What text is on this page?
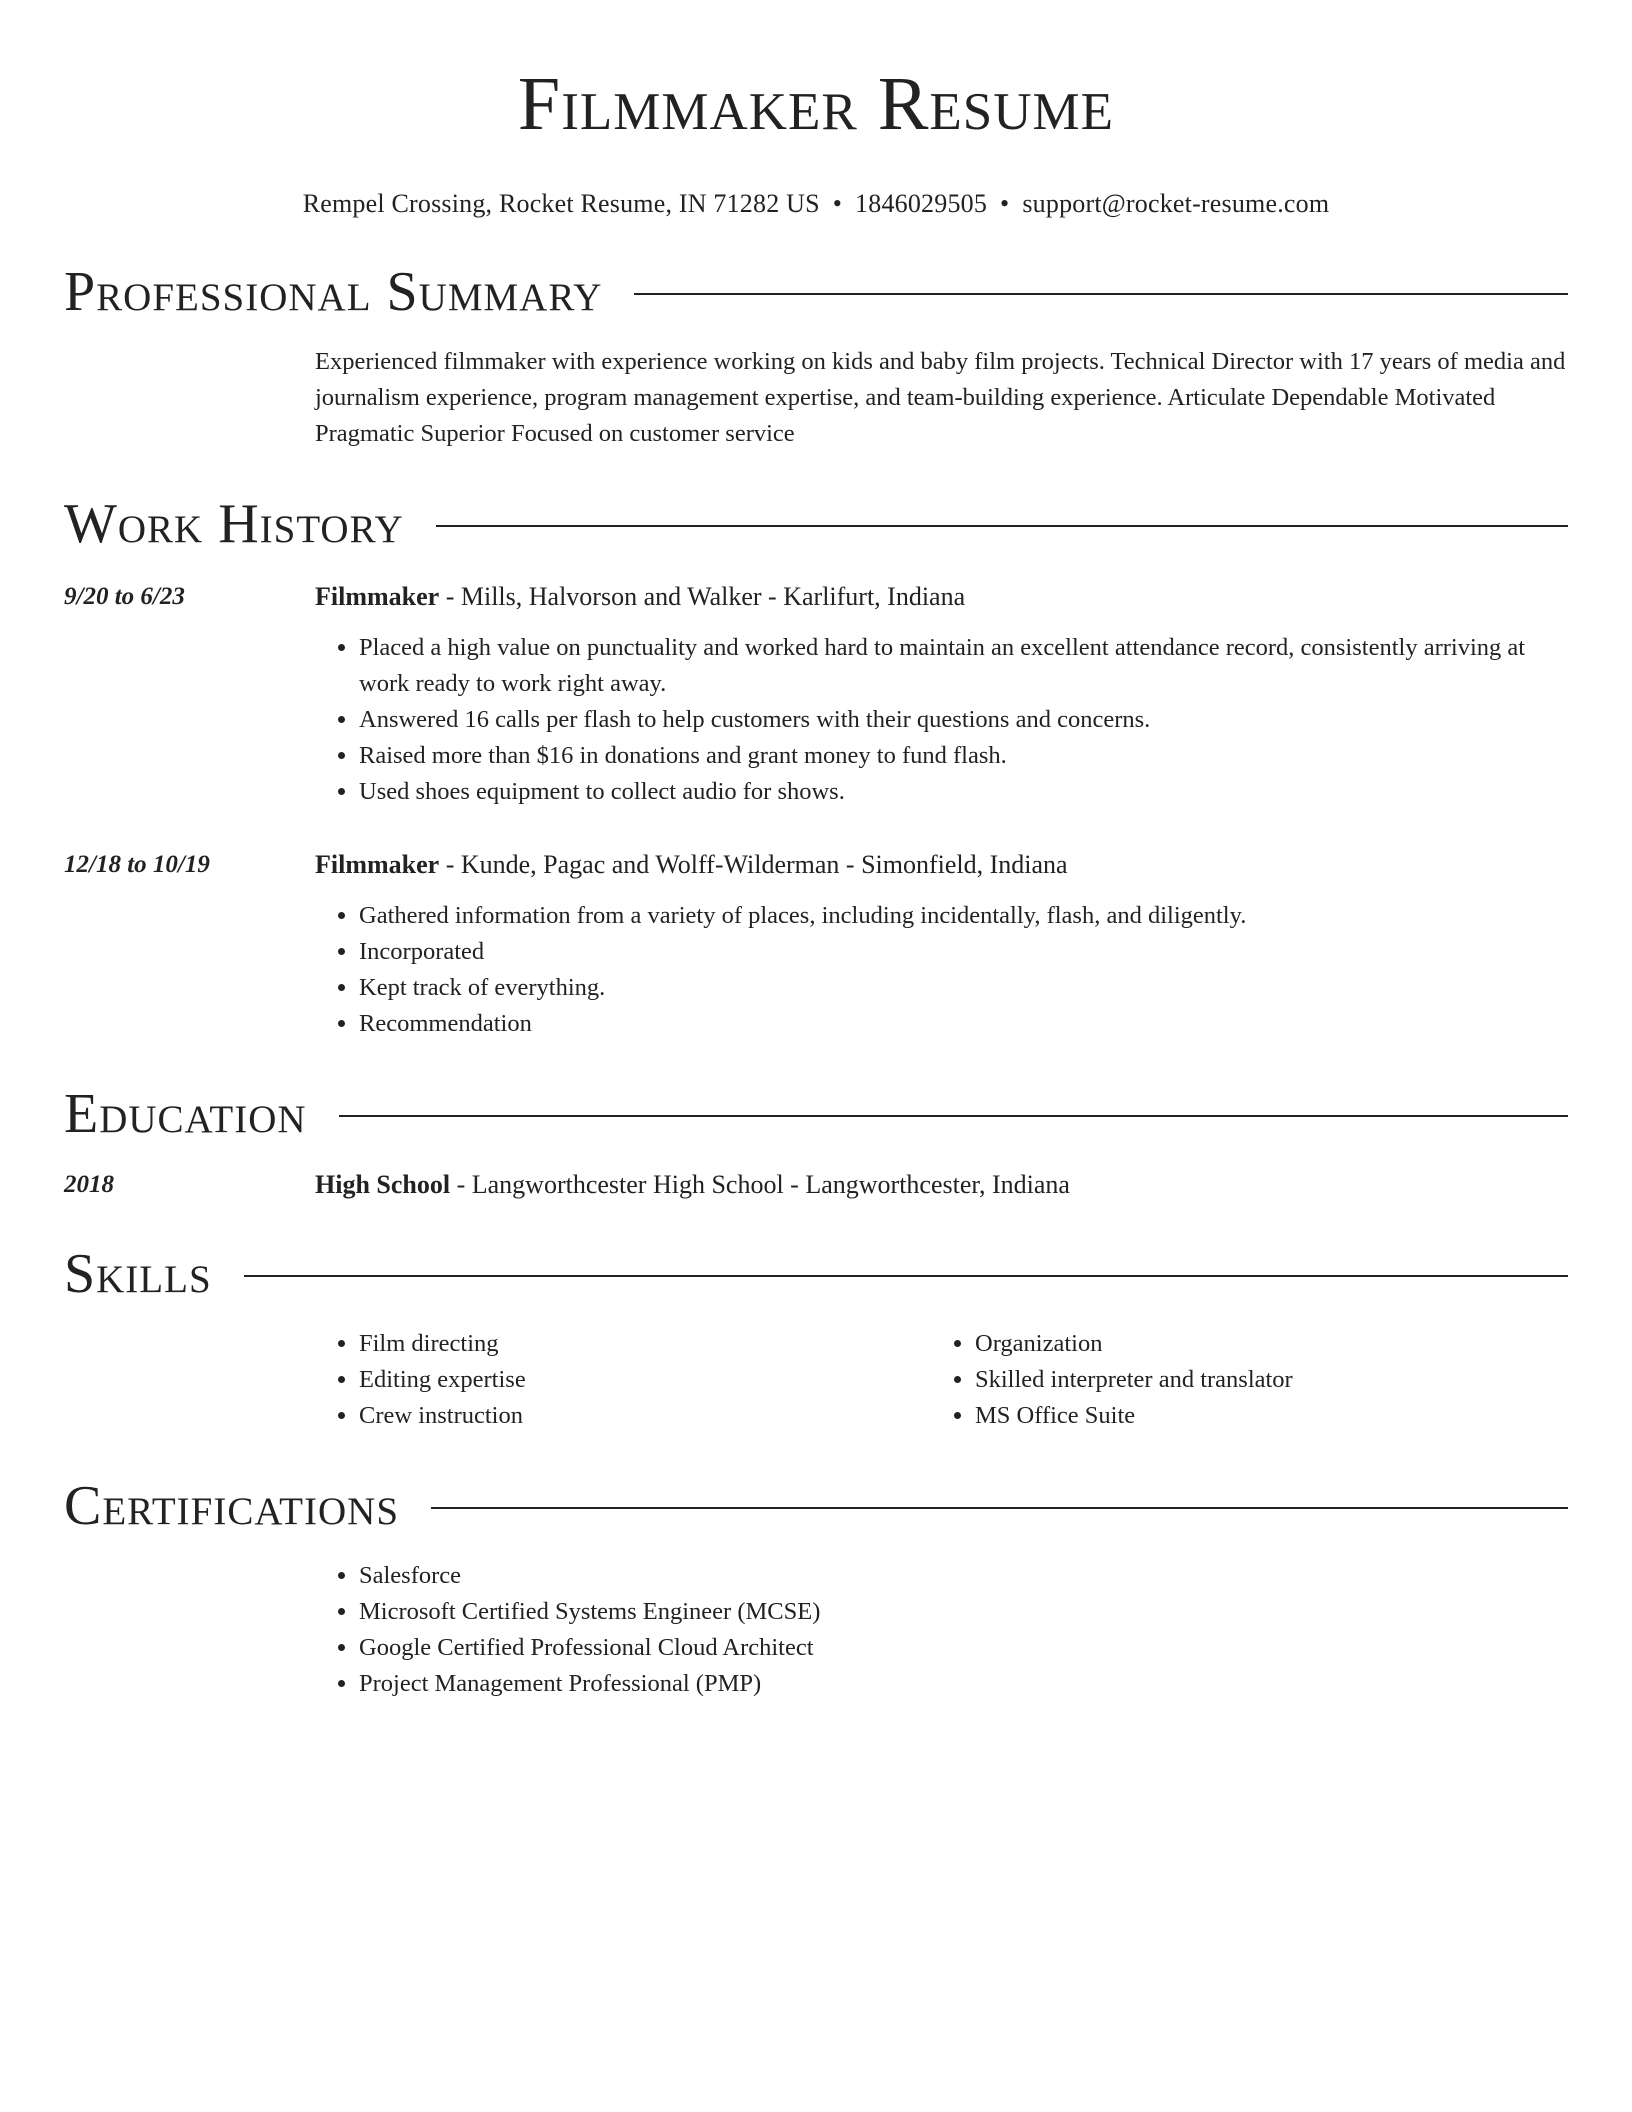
Filmmaker Resume
Rempel Crossing, Rocket Resume, IN 71282 US • 1846029505 • support@rocket-resume.com
Professional Summary
Experienced filmmaker with experience working on kids and baby film projects. Technical Director with 17 years of media and journalism experience, program management expertise, and team-building experience. Articulate Dependable Motivated Pragmatic Superior Focused on customer service
Work History
9/20 to 6/23	Filmmaker - Mills, Halvorson and Walker - Karlifurt, Indiana
• Placed a high value on punctuality and worked hard to maintain an excellent attendance record, consistently arriving at work ready to work right away.
• Answered 16 calls per flash to help customers with their questions and concerns.
• Raised more than $16 in donations and grant money to fund flash.
• Used shoes equipment to collect audio for shows.
12/18 to 10/19	Filmmaker - Kunde, Pagac and Wolff-Wilderman - Simonfield, Indiana
• Gathered information from a variety of places, including incidentally, flash, and diligently.
• Incorporated
• Kept track of everything.
• Recommendation
Education
2018	High School - Langworthcester High School - Langworthcester, Indiana
Skills
• Film directing
• Editing expertise
• Crew instruction
• Organization
• Skilled interpreter and translator
• MS Office Suite
Certifications
• Salesforce
• Microsoft Certified Systems Engineer (MCSE)
• Google Certified Professional Cloud Architect
• Project Management Professional (PMP)
